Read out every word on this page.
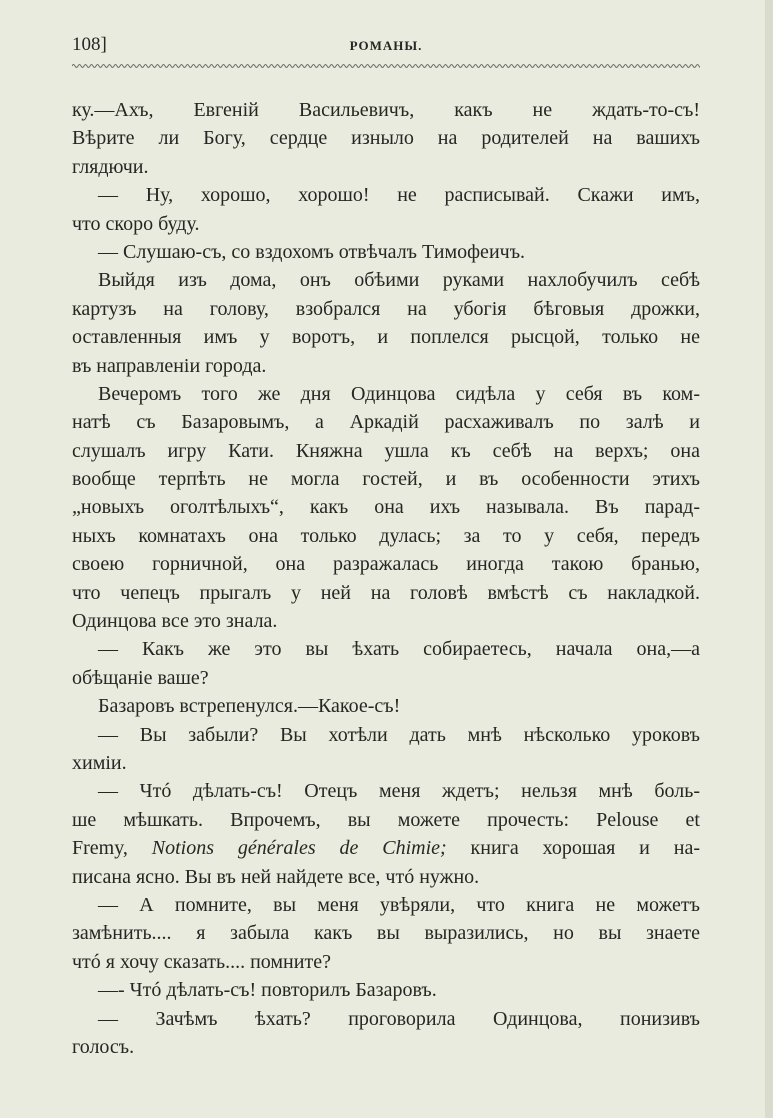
108]	РОМАНЫ.
ку.—Ахъ, Евгеній Васильевичъ, какъ не ждать-то-съ!
Вѣрите ли Богу, сердце изныло на родителей на вашихъ
глядючи.
— Ну, хорошо, хорошо! не расписывай. Скажи имъ,
что скоро буду.
— Слушаю-съ, со вздохомъ отвѣчалъ Тимофеичъ.
Выйдя изъ дома, онъ обѣими руками нахлобучилъ себѣ
картузъ на голову, взобрался на убогія бѣговыя дрожки,
оставленныя имъ у воротъ, и поплелся рысцой, только не
въ направленіи города.
Вечеромъ того же дня Одинцова сидѣла у себя въ ком-
натѣ съ Базаровымъ, а Аркадій расхаживалъ по залѣ и
слушалъ игру Кати. Княжна ушла къ себѣ на верхъ; она
вообще терпѣть не могла гостей, и въ особенности этихъ
„новыхъ оголтѣлыхъ“, какъ она ихъ называла. Въ парад-
ныхъ комнатахъ она только дулась; за то у себя, передъ
своею горничной, она разражалась иногда такою бранью,
что чепецъ прыгалъ у ней на головѣ вмѣстѣ съ накладкой.
Одинцова все это знала.
— Какъ же это вы ѣхать собираетесь, начала она,—а
обѣщаніе ваше?
Базаровъ встрепенулся.—Какое-съ!
— Вы забыли? Вы хотѣли дать мнѣ нѣсколько уроковъ
химіи.
— Чтó дѣлать-съ! Отецъ меня ждетъ; нельзя мнѣ боль-
ше мѣшкать. Впрочемъ, вы можете прочесть: Pelouse et
Fremy, Notions générales de Chimie; книга хорошая и на-
писана ясно. Вы въ ней найдете все, чтó нужно.
— А помните, вы меня увѣряли, что книга не можетъ
замѣнить.... я забыла какъ вы выразились, но вы знаете
чтó я хочу сказать.... помните?
—- Чтó дѣлать-съ! повторилъ Базаровъ.
— Зачѣмъ ѣхать? проговорила Одинцова, понизивъ
голосъ.
